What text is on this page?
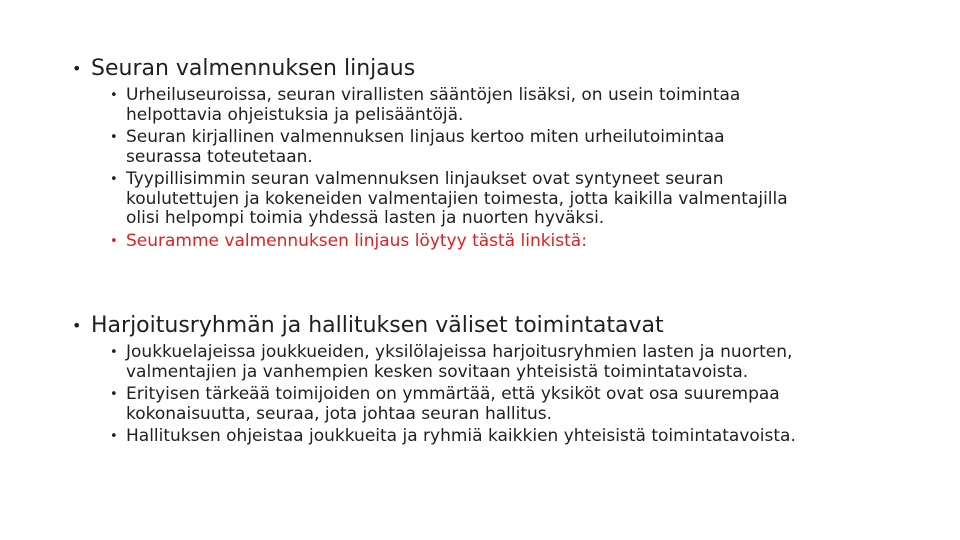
• Seuran valmennuksen linjaus
• Urheiluseuroissa, seuran virallisten sääntöjen lisäksi, on usein toimintaa
helpottavia ohjeistuksia ja pelisääntöjä.
• Seuran kirjallinen valmennuksen linjaus kertoo miten urheilutoimintaa
seurassa toteutetaan.
• Tyypillisimmin seuran valmennuksen linjaukset ovat syntyneet seuran
koulutettujen ja kokeneiden valmentajien toimesta, jotta kaikilla valmentajilla
olisi helpompi toimia yhdessä lasten ja nuorten hyväksi.
• Seuramme valmennuksen linjaus löytyy tästä linkistä:
• Harjoitusryhmän ja hallituksen väliset toimintatavat
• Joukkuelajeissa joukkueiden, yksilölajeissa harjoitusryhmien lasten ja nuorten,
valmentajien ja vanhempien kesken sovitaan yhteisistä toimintatavoista.
• Erityisen tärkeää toimijoiden on ymmärtää, että yksiköt ovat osa suurempaa
kokonaisuutta, seuraa, jota johtaa seuran hallitus.
• Hallituksen ohjeistaa joukkueita ja ryhmiä kaikkien yhteisistä toimintatavoista.
